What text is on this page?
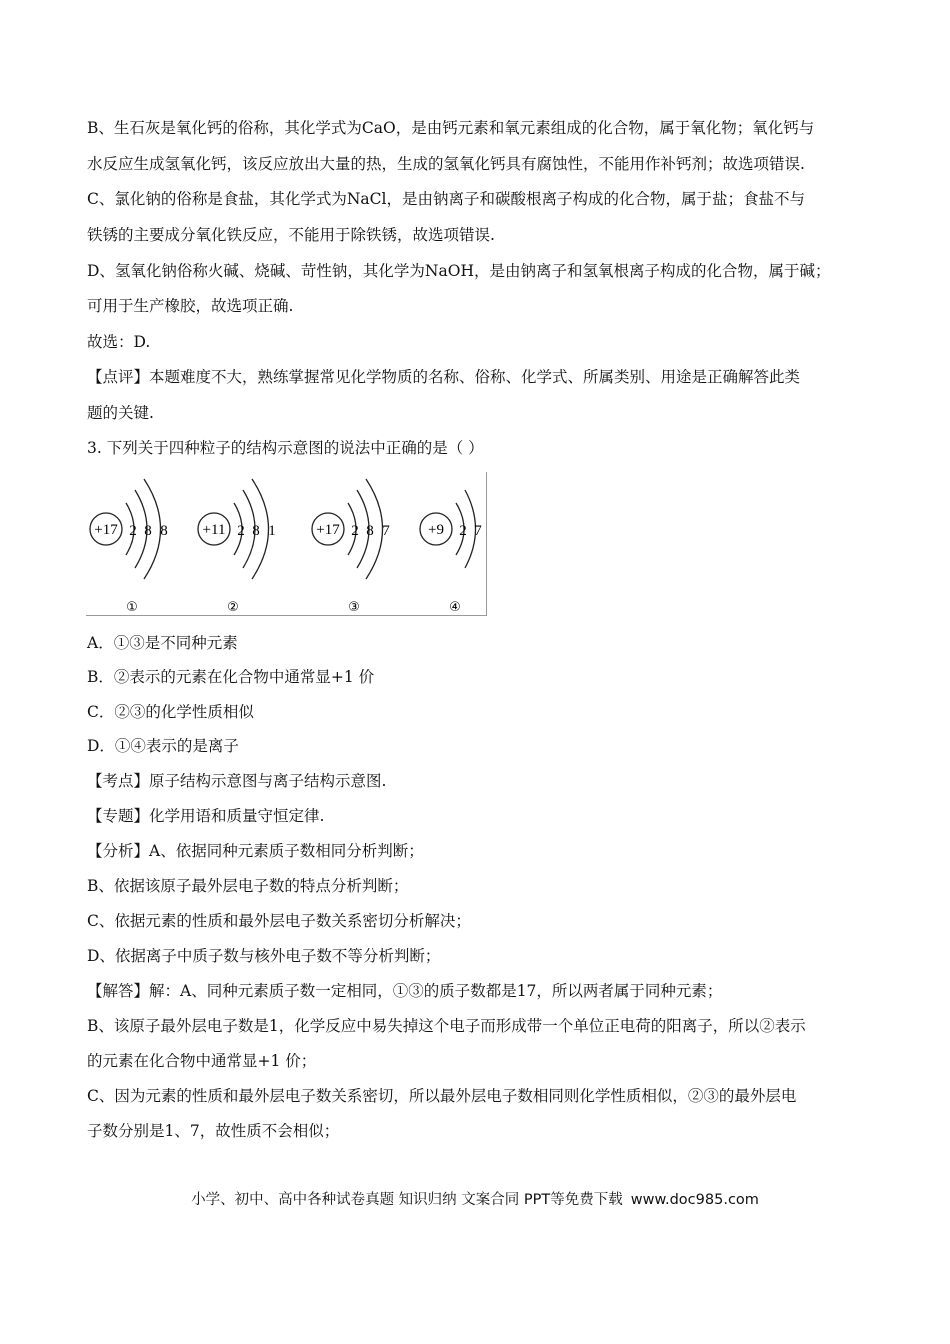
B、生石灰是氧化钙的俗称，其化学式为CaO，是由钙元素和氧元素组成的化合物，属于氧化物；氧化钙与
水反应生成氢氧化钙，该反应放出大量的热，生成的氢氧化钙具有腐蚀性，不能用作补钙剂；故选项错误.
C、氯化钠的俗称是食盐，其化学式为NaCl，是由钠离子和碳酸根离子构成的化合物，属于盐；食盐不与
铁锈的主要成分氧化铁反应，不能用于除铁锈，故选项错误.
D、氢氧化钠俗称火碱、烧碱、苛性钠，其化学为NaOH，是由钠离子和氢氧根离子构成的化合物，属于碱；
可用于生产橡胶，故选项正确.
故选：D.
【点评】本题难度不大，熟练掌握常见化学物质的名称、俗称、化学式、所属类别、用途是正确解答此类
题的关键.
3. 下列关于四种粒子的结构示意图的说法中正确的是（ ）
+17 2 8 8
①
+11 2 8 1
②
+17 2 8 7
③
+9 2 7
④
A．①③是不同种元素
B．②表示的元素在化合物中通常显+1 价
C．②③的化学性质相似
D．①④表示的是离子
【考点】原子结构示意图与离子结构示意图.
【专题】化学用语和质量守恒定律.
【分析】A、依据同种元素质子数相同分析判断；
B、依据该原子最外层电子数的特点分析判断；
C、依据元素的性质和最外层电子数关系密切分析解决；
D、依据离子中质子数与核外电子数不等分析判断；
【解答】解：A、同种元素质子数一定相同，①③的质子数都是17，所以两者属于同种元素；
B、该原子最外层电子数是1，化学反应中易失掉这个电子而形成带一个单位正电荷的阳离子，所以②表示
的元素在化合物中通常显+1 价；
C、因为元素的性质和最外层电子数关系密切，所以最外层电子数相同则化学性质相似，②③的最外层电
子数分别是1、7，故性质不会相似；
小学、初中、高中各种试卷真题 知识归纳 文案合同 PPT等免费下载 www.doc985.com
